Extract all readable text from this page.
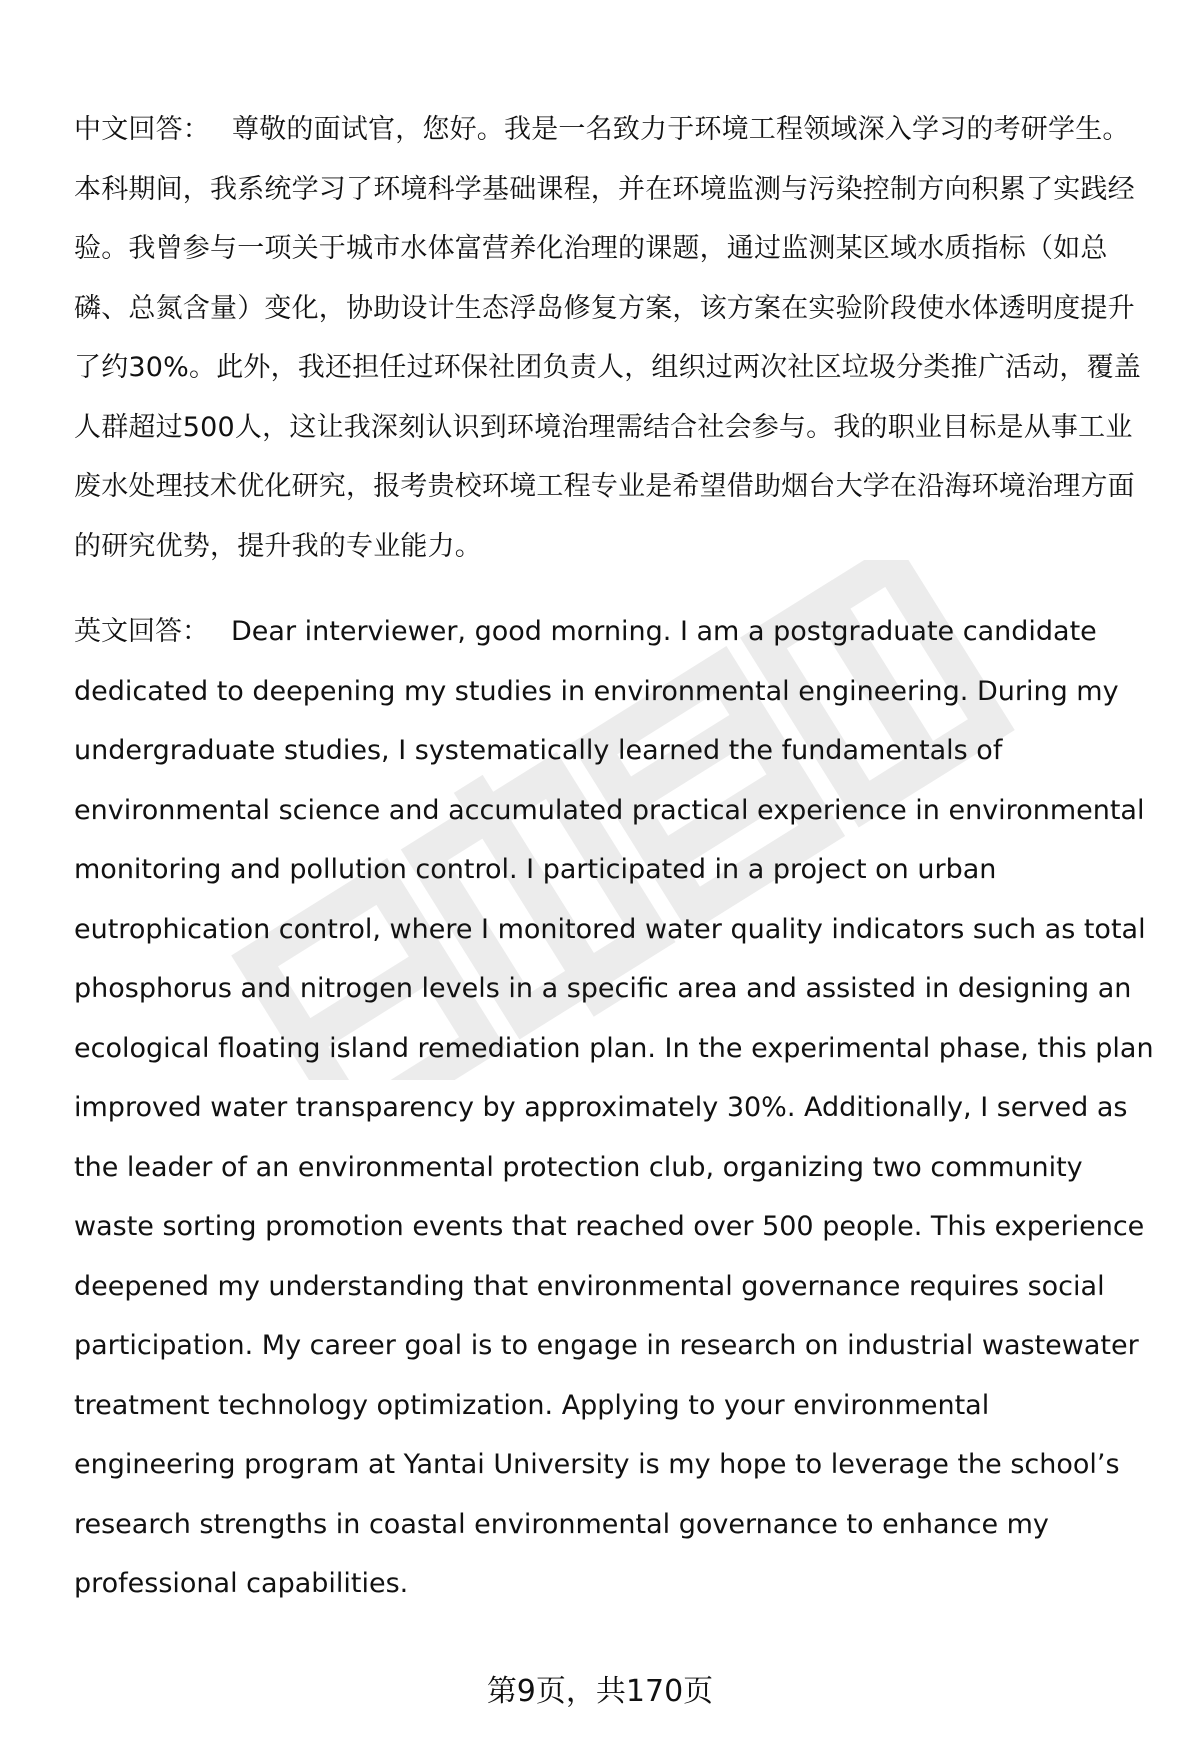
中文回答： 尊敬的面试官，您好。我是一名致力于环境工程领域深入学习的考研学生。本科期间，我系统学习了环境科学基础课程，并在环境监测与污染控制方向积累了实践经验。我曾参与一项关于城市水体富营养化治理的课题，通过监测某区域水质指标（如总磷、总氮含量）变化，协助设计生态浮岛修复方案，该方案在实验阶段使水体透明度提升了约30%。此外，我还担任过环保社团负责人，组织过两次社区垃圾分类推广活动，覆盖人群超过500人，这让我深刻认识到环境治理需结合社会参与。我的职业目标是从事工业废水处理技术优化研究，报考贵校环境工程专业是希望借助烟台大学在沿海环境治理方面的研究优势，提升我的专业能力。

英文回答： Dear interviewer, good morning. I am a postgraduate candidate dedicated to deepening my studies in environmental engineering. During my undergraduate studies, I systematically learned the fundamentals of environmental science and accumulated practical experience in environmental monitoring and pollution control. I participated in a project on urban eutrophication control, where I monitored water quality indicators such as total phosphorus and nitrogen levels in a specific area and assisted in designing an ecological floating island remediation plan. In the experimental phase, this plan improved water transparency by approximately 30%. Additionally, I served as the leader of an environmental protection club, organizing two community waste sorting promotion events that reached over 500 people. This experience deepened my understanding that environmental governance requires social participation. My career goal is to engage in research on industrial wastewater treatment technology optimization. Applying to your environmental engineering program at Yantai University is my hope to leverage the school’s research strengths in coastal environmental governance to enhance my professional capabilities.

第9页，共170页
